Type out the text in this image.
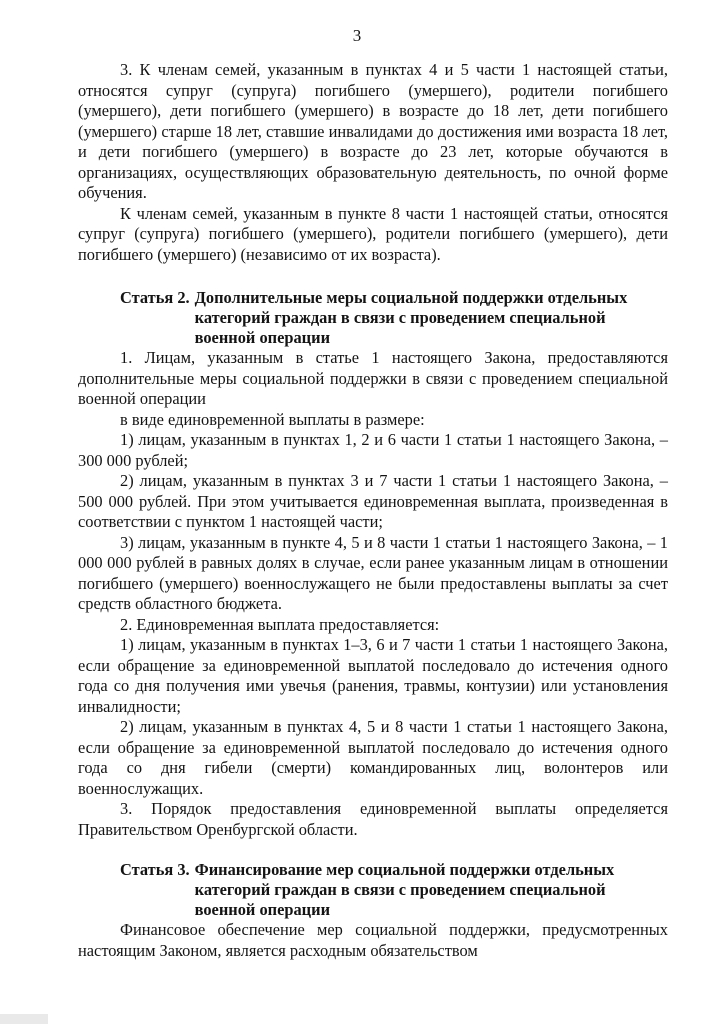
3

3. К членам семей, указанным в пунктах 4 и 5 части 1 настоящей статьи, относятся супруг (супруга) погибшего (умершего), родители погибшего (умершего), дети погибшего (умершего) в возрасте до 18 лет, дети погибшего (умершего) старше 18 лет, ставшие инвалидами до достижения ими возраста 18 лет, и дети погибшего (умершего) в возрасте до 23 лет, которые обучаются в организациях, осуществляющих образовательную деятельность, по очной форме обучения.

К членам семей, указанным в пункте 8 части 1 настоящей статьи, относятся супруг (супруга) погибшего (умершего), родители погибшего (умершего), дети погибшего (умершего) (независимо от их возраста).

Статья 2. Дополнительные меры социальной поддержки отдельных категорий граждан в связи с проведением специальной военной операции

1. Лицам, указанным в статье 1 настоящего Закона, предоставляются дополнительные меры социальной поддержки в связи с проведением специальной военной операции

в виде единовременной выплаты в размере:

1) лицам, указанным в пунктах 1, 2 и 6 части 1 статьи 1 настоящего Закона, – 300 000 рублей;

2) лицам, указанным в пунктах 3 и 7 части 1 статьи 1 настоящего Закона, – 500 000 рублей. При этом учитывается единовременная выплата, произведенная в соответствии с пунктом 1 настоящей части;

3) лицам, указанным в пункте 4, 5 и 8 части 1 статьи 1 настоящего Закона, – 1 000 000 рублей в равных долях в случае, если ранее указанным лицам в отношении погибшего (умершего) военнослужащего не были предоставлены выплаты за счет средств областного бюджета.

2. Единовременная выплата предоставляется:

1) лицам, указанным в пунктах 1–3, 6 и 7 части 1 статьи 1 настоящего Закона, если обращение за единовременной выплатой последовало до истечения одного года со дня получения ими увечья (ранения, травмы, контузии) или установления инвалидности;

2) лицам, указанным в пунктах 4, 5 и 8 части 1 статьи 1 настоящего Закона, если обращение за единовременной выплатой последовало до истечения одного года со дня гибели (смерти) командированных лиц, волонтеров или военнослужащих.

3. Порядок предоставления единовременной выплаты определяется Правительством Оренбургской области.

Статья 3. Финансирование мер социальной поддержки отдельных категорий граждан в связи с проведением специальной военной операции

Финансовое обеспечение мер социальной поддержки, предусмотренных настоящим Законом, является расходным обязательством
